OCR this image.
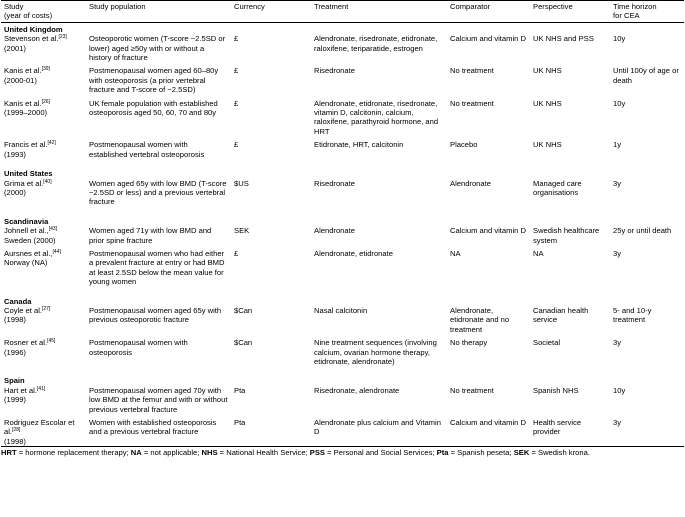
Study
(year of costs)	Study population	Currency	Treatment	Comparator	Perspective	Time horizon
for CEA
United Kingdom						
Stevenson et al.[23]
(2001)	Osteoporotic women (T-score −2.5SD or lower) aged ≥50y with or without a history of fracture	£	Alendronate, risedronate, etidronate, raloxifene, teriparatide, estrogen	Calcium and vitamin D	UK NHS and PSS	10y
Kanis et al.[39]
(2000-01)	Postmenopausal women aged 60–80y with osteoporosis (a prior vertebral fracture and T-score of −2.5SD)	£	Risedronate	No treatment	UK NHS	Until 100y of age or death
Kanis et al.[26]
(1999–2000)	UK female population with established osteoporosis aged 50, 60, 70 and 80y	£	Alendronate, etidronate, risedronate, vitamin D, calcitonin, calcium, raloxifene, parathyroid hormone, and HRT	No treatment	UK NHS	10y
Francis et al.[42]
(1993)	Postmenopausal women with established vertebral osteoporosis	£	Etidronate, HRT, calcitonin	Placebo	UK NHS	1y

United States						
Grima et al.[40]
(2000)	Women aged 65y with low BMD (T-score −2.5SD or less) and a previous vertebral fracture	$US	Risedronate	Alendronate	Managed care organisations	3y

Scandinavia						
Johnell et al.,[43]
Sweden (2000)	Women aged 71y with low BMD and prior spine fracture	SEK	Alendronate	Calcium and vitamin D	Swedish healthcare system	25y or until death
Aursnes et al.,[44]
Norway (NA)	Postmenopausal women who had either a prevalent fracture at entry or had BMD at least 2.5SD below the mean value for young women	£	Alendronate, etidronate	NA	NA	3y

Canada						
Coyle et al.[27]
(1998)	Postmenopausal women aged 65y with previous osteoporotic fracture	$Can	Nasal calcitonin	Alendronate, etidronate and no treatment	Canadian health service	5- and 10-y treatment
Rosner et al.[45]
(1996)	Postmenopausal women with osteoporosis	$Can	Nine treatment sequences (involving calcium, ovarian hormone therapy, etidronate, alendronate)	No therapy	Societal	3y

Spain						
Hart et al.[41]
(1999)	Postmenopausal women aged 70y with low BMD at the femur and with or without previous vertebral fracture	Pta	Risedronate, alendronate	No treatment	Spanish NHS	10y
Rodriguez Escolar et al.[28]
(1998)	Women with established osteoporosis and a previous vertebral fracture	Pta	Alendronate plus calcium and Vitamin D	Calcium and vitamin D	Health service provider	3y
HRT = hormone replacement therapy; NA = not applicable; NHS = National Health Service; PSS = Personal and Social Services; Pta = Spanish peseta; SEK = Swedish krona.
